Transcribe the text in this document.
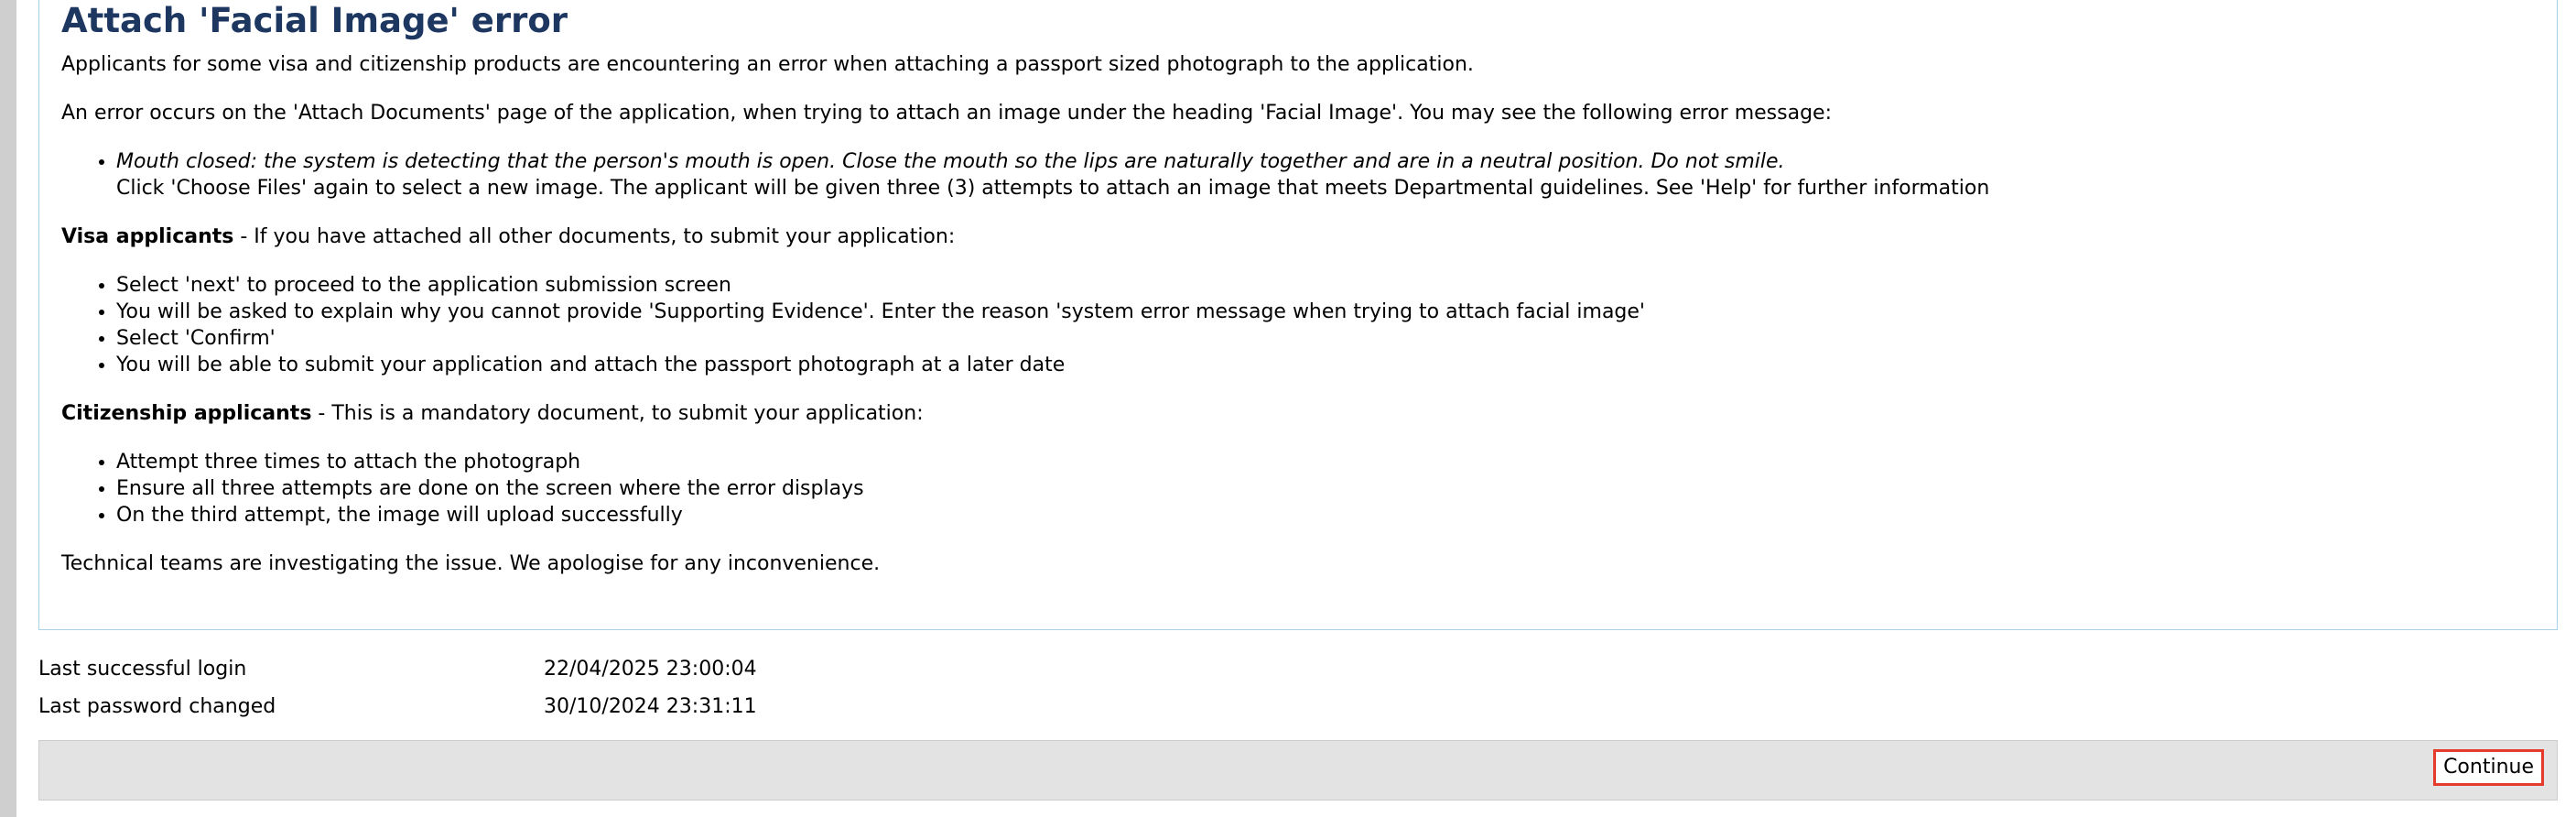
Attach 'Facial Image' error

Applicants for some visa and citizenship products are encountering an error when attaching a passport sized photograph to the application.

An error occurs on the 'Attach Documents' page of the application, when trying to attach an image under the heading 'Facial Image'. You may see the following error message:

• Mouth closed: the system is detecting that the person's mouth is open. Close the mouth so the lips are naturally together and are in a neutral position. Do not smile.
Click 'Choose Files' again to select a new image. The applicant will be given three (3) attempts to attach an image that meets Departmental guidelines. See 'Help' for further information

Visa applicants - If you have attached all other documents, to submit your application:

• Select 'next' to proceed to the application submission screen
• You will be asked to explain why you cannot provide 'Supporting Evidence'. Enter the reason 'system error message when trying to attach facial image'
• Select 'Confirm'
• You will be able to submit your application and attach the passport photograph at a later date

Citizenship applicants - This is a mandatory document, to submit your application:

• Attempt three times to attach the photograph
• Ensure all three attempts are done on the screen where the error displays
• On the third attempt, the image will upload successfully

Technical teams are investigating the issue. We apologise for any inconvenience.

Last successful login	22/04/2025 23:00:04
Last password changed	30/10/2024 23:31:11
Continue
